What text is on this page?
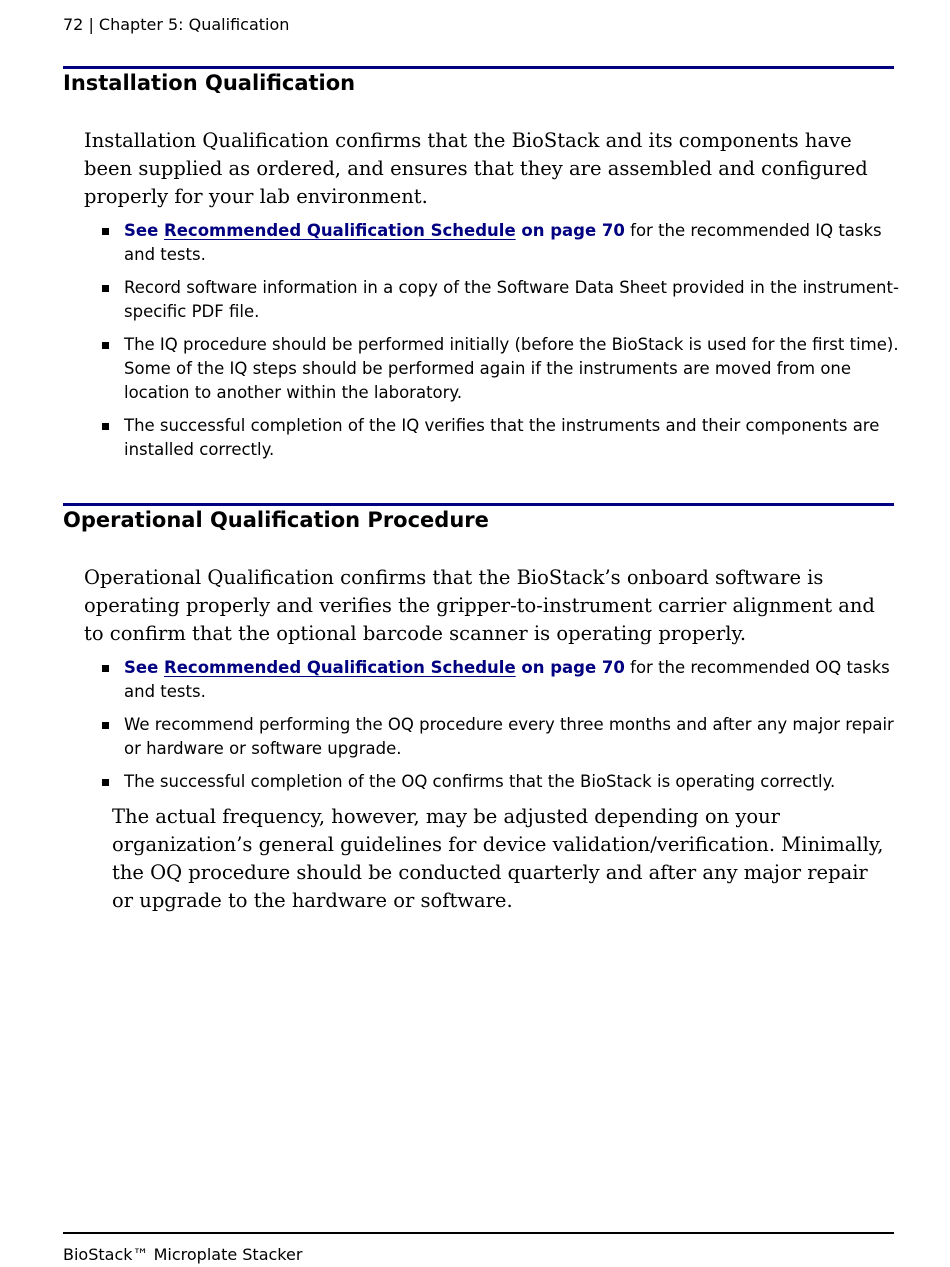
72 | Chapter 5: Qualification
Installation Qualification

Installation Qualification confirms that the BioStack and its components have been supplied as ordered, and ensures that they are assembled and configured properly for your lab environment.

See Recommended Qualification Schedule on page 70 for the recommended IQ tasks and tests.
Record software information in a copy of the Software Data Sheet provided in the instrument-specific PDF file.
The IQ procedure should be performed initially (before the BioStack is used for the first time). Some of the IQ steps should be performed again if the instruments are moved from one location to another within the laboratory.
The successful completion of the IQ verifies that the instruments and their components are installed correctly.
Operational Qualification Procedure

Operational Qualification confirms that the BioStack’s onboard software is operating properly and verifies the gripper-to-instrument carrier alignment and to confirm that the optional barcode scanner is operating properly.

See Recommended Qualification Schedule on page 70 for the recommended OQ tasks and tests.
We recommend performing the OQ procedure every three months and after any major repair or hardware or software upgrade.
The successful completion of the OQ confirms that the BioStack is operating correctly.

The actual frequency, however, may be adjusted depending on your organization’s general guidelines for device validation/verification. Minimally, the OQ procedure should be conducted quarterly and after any major repair or upgrade to the hardware or software.

BioStack™ Microplate Stacker
